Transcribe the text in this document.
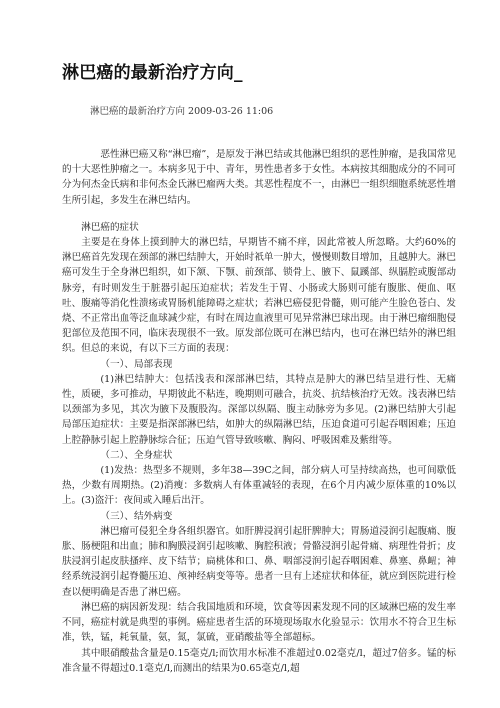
淋巴癌的最新治疗方向_
淋巴癌的最新治疗方向 2009-03-26 11:06

恶性淋巴癌又称“淋巴瘤”，是原发于淋巴结或其他淋巴组织的恶性肿瘤，是我国常见的十大恶性肿瘤之一。本病多见于中、青年，男性患者多于女性。本病按其细胞成分的不同可分为何杰金氏病和非何杰金氏淋巴瘤两大类。其恶性程度不一，由淋巴一组织细胞系统恶性增生所引起，多发生在淋巴结内。

淋巴癌的症状

主要是在身体上摸到肿大的淋巴结，早期皆不痛不痒，因此常被人所忽略。大约60%的淋巴癌首先发现在颈部的淋巴结肿大，开始时祇单一肿大，慢慢则数目增加，且越肿大。淋巴癌可发生于全身淋巴组织，如下颔、下颚、前颈部、锁骨上、腋下、鼠蹊部、纵膈腔或腹部动脉旁，有时则发生于脏器引起压迫症状；若发生于胃、小肠或大肠则可能有腹胀、便血、呕吐、腹痛等消化性溃疡或胃肠机能障碍之症状；若淋巴癌侵犯骨髓，则可能产生脸色苍白、发烧、不正常出血等泛血球减少症，有时在周边血液里可见异常淋巴球出现。由于淋巴瘤细胞侵犯部位及范围不同，临床表现很不一致。原发部位既可在淋巴结内，也可在淋巴结外的淋巴组织。但总的来说，有以下三方面的表现：

（一）、局部表现

(1)淋巴结肿大：包括浅表和深部淋巴结，其特点是肿大的淋巴结呈进行性、无痛性，质硬，多可推动，早期彼此不粘连，晚期则可融合，抗炎、抗结核治疗无效。浅表淋巴结以颈部为多见，其次为腋下及腹股沟。深部以纵隔、腹主动脉旁为多见。(2)淋巴结肿大引起局部压迫症状：主要是指深部淋巴结，如肿大的纵隔淋巴结，压迫食道可引起吞咽困难；压迫上腔静脉引起上腔静脉综合征；压迫气管导致咳嗽、胸闷、呼吸困难及紫绀等。

（二）、全身症状

(1)发热：热型多不规则，多年38—39C之间，部分病人可呈持续高热，也可间歇低热，少数有周期热。(2)消瘦：多数病人有体重减轻的表现，在6个月内减少原体重的10%以上。(3)盗汗：夜间或入睡后出汗。

（三）、结外病变

淋巴瘤可侵犯全身各组织器官。如肝脾浸润引起肝脾肿大；胃肠道浸润引起腹痛、腹胀、肠梗阻和出血；肺和胸膜浸润引起咳嗽、胸腔积液；骨骼浸润引起骨痛、病理性骨折；皮肤浸润引起皮肤搔痒、皮下结节；扁桃体和口、鼻、咽部浸润引起吞咽困难、鼻塞、鼻衄；神经系统浸润引起脊髓压迫、颅神经病变等等。患者一旦有上述症状和体征，就应到医院进行检查以便明确是否患了淋巴癌。

淋巴癌的病因新发现：结合我国地质和环境，饮食等因素发现不同的区域淋巴癌的发生率不同，癌症村就是典型的事例。癌症患者生活的环境现场取水化验显示：饮用水不符合卫生标准，铁，锰，耗氧量，氨，氮，氯硫，亚硝酸盐等全部超标。

其中眼硝酸盐含量是0.15毫克/l;而饮用水标准不准超过0.02毫克/l，超过7倍多。锰的标准含量不得超过0.1毫克/l,而测出的结果为0.65毫克/l,超
